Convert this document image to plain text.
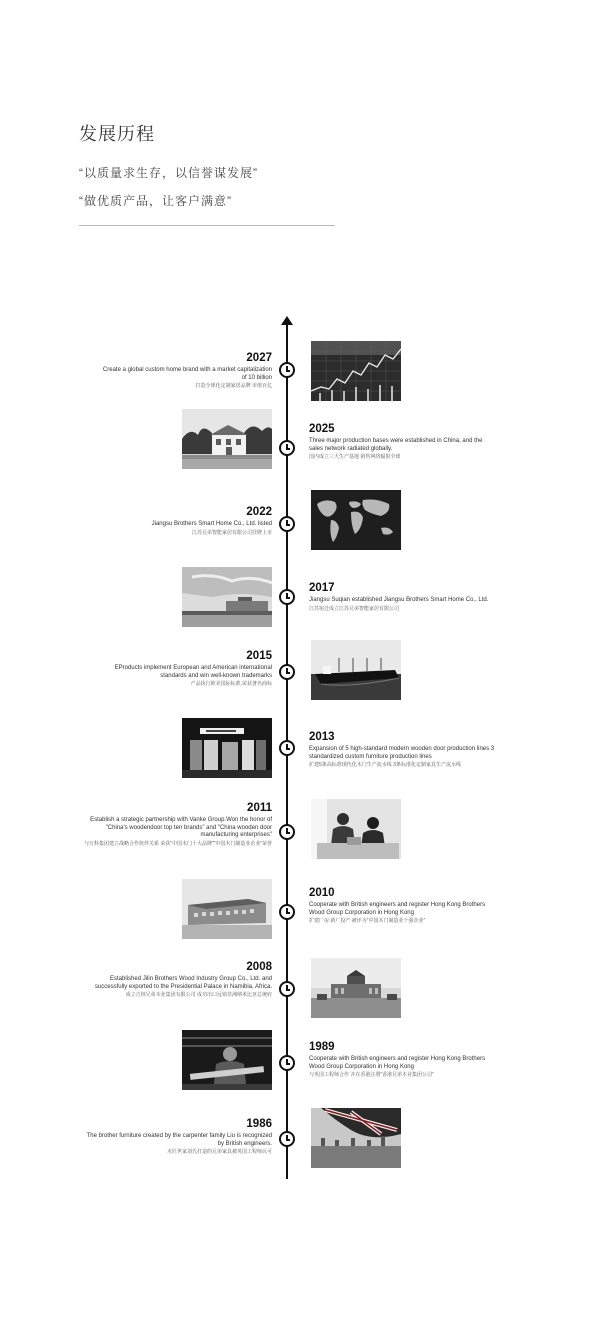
发展历程
“以质量求生存，以信誉谋发展”
“做优质产品，让客户满意”
2027
Create a global custom home brand with a market capitalization of 10 billion
打造全球化定制家居品牌 市值百亿
2025
Three major production bases were established in China, and the sales network radiated globally.
国内成立三大生产基地 销售网络辐射全球
2022
Jiangsu Brothers Smart Home Co., Ltd. listed
江苏兄弟智能家居有限公司挂牌上市
2017
Jiangsu Suqian established Jiangsu Brothers Smart Home Co., Ltd.
江苏宿迁成立江苏兄弟智能家居有限公司
2015
EProducts implement European and American international standards and win well-known trademarks
产品执行欧美国际标准,荣获著名商标
2013
Expansion of 5 high-standard modern wooden door production lines 3 standardized custom furniture production lines
扩建5条高标准现代化木门生产流水线 3条标准化定制家具生产流水线
2011
Establish a strategic partnership with Vanke Group.Won the honor of "China's woodendoor top ten brands" and "China wooden door manufacturing enterprises"
与万科集团建立战略合作伙伴关系 荣获“中国木门十大品牌”“中国木门制造业企业”荣誉
2010
Cooperate with British engineers and register Hong Kong Brothers Wood Group Corporation in Hong Kong
扩建厂房 新厂投产 被评为“中国木门制造业十强企业”
2008
Established Jilin Brothers Wood Industry Group Co., Ltd. and successfully exported to the Presidential Palace in Namibia, Africa.
成立吉林兄弟木业集团有限公司 成功出口远销非洲纳米比亚总统府
1989
Cooperate with British engineers and register Hong Kong Brothers Wood Group Corporation in Hong Kong
与英国工程师合作 并在香港注册“香港兄弟木业集团公司”
1986
The brother furniture created by the carpenter family Liu is recognized by British engineers.
木匠世家刘氏打造的兄弟家具被英国工程师认可
